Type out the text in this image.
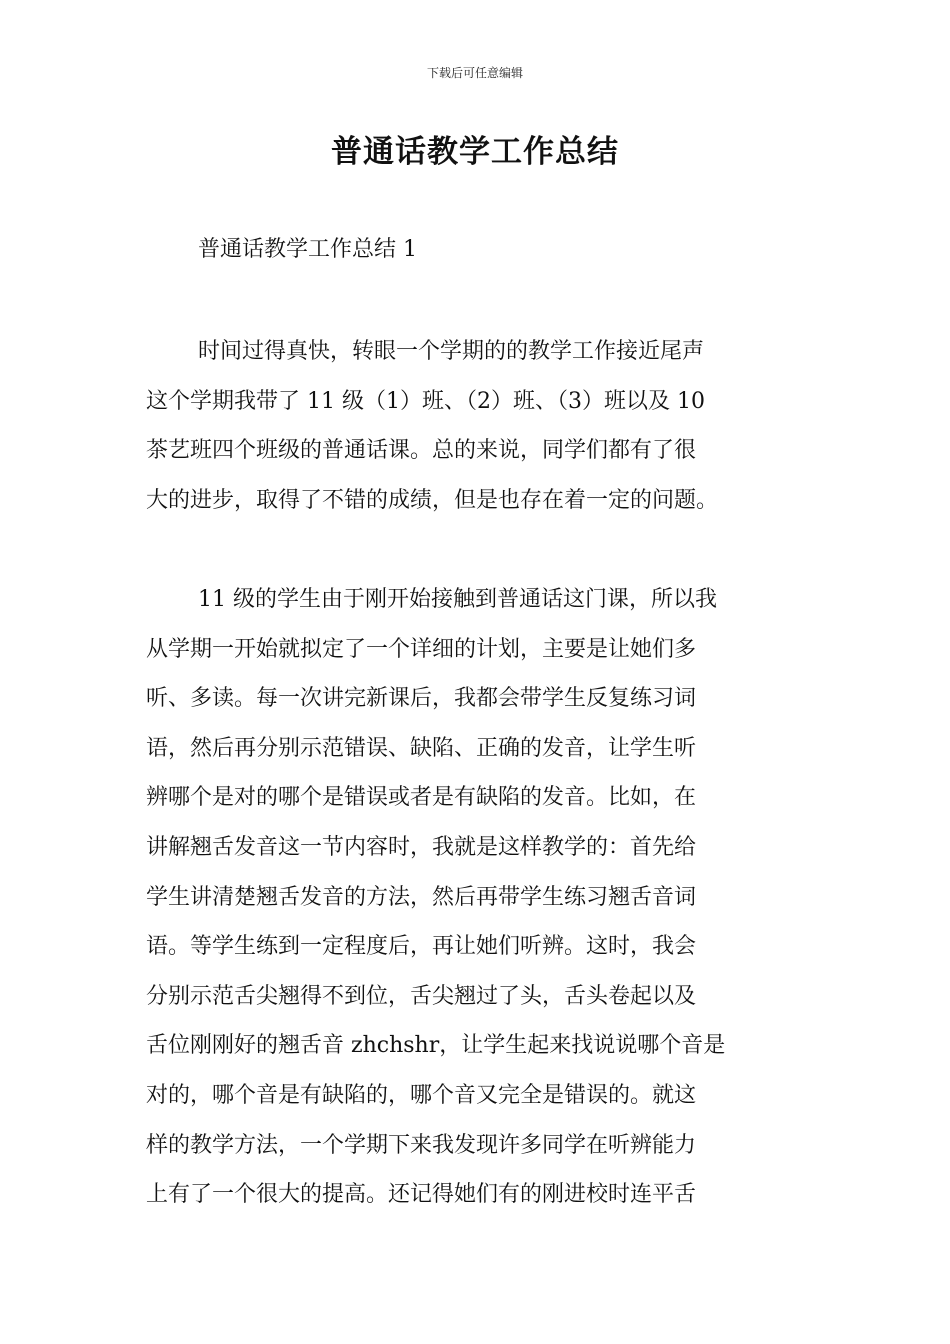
下载后可任意编辑
普通话教学工作总结
普通话教学工作总结 1
时间过得真快，转眼一个学期的的教学工作接近尾声
这个学期我带了 11 级（1）班、（2）班、（3）班以及 10
茶艺班四个班级的普通话课。总的来说，同学们都有了很
大的进步，取得了不错的成绩，但是也存在着一定的问题。
11 级的学生由于刚开始接触到普通话这门课，所以我
从学期一开始就拟定了一个详细的计划，主要是让她们多
听、多读。每一次讲完新课后，我都会带学生反复练习词
语，然后再分别示范错误、缺陷、正确的发音，让学生听
辨哪个是对的哪个是错误或者是有缺陷的发音。比如，在
讲解翘舌发音这一节内容时，我就是这样教学的：首先给
学生讲清楚翘舌发音的方法，然后再带学生练习翘舌音词
语。等学生练到一定程度后，再让她们听辨。这时，我会
分别示范舌尖翘得不到位，舌尖翘过了头，舌头卷起以及
舌位刚刚好的翘舌音 zhchshr，让学生起来找说说哪个音是
对的，哪个音是有缺陷的，哪个音又完全是错误的。就这
样的教学方法，一个学期下来我发现许多同学在听辨能力
上有了一个很大的提高。还记得她们有的刚进校时连平舌
